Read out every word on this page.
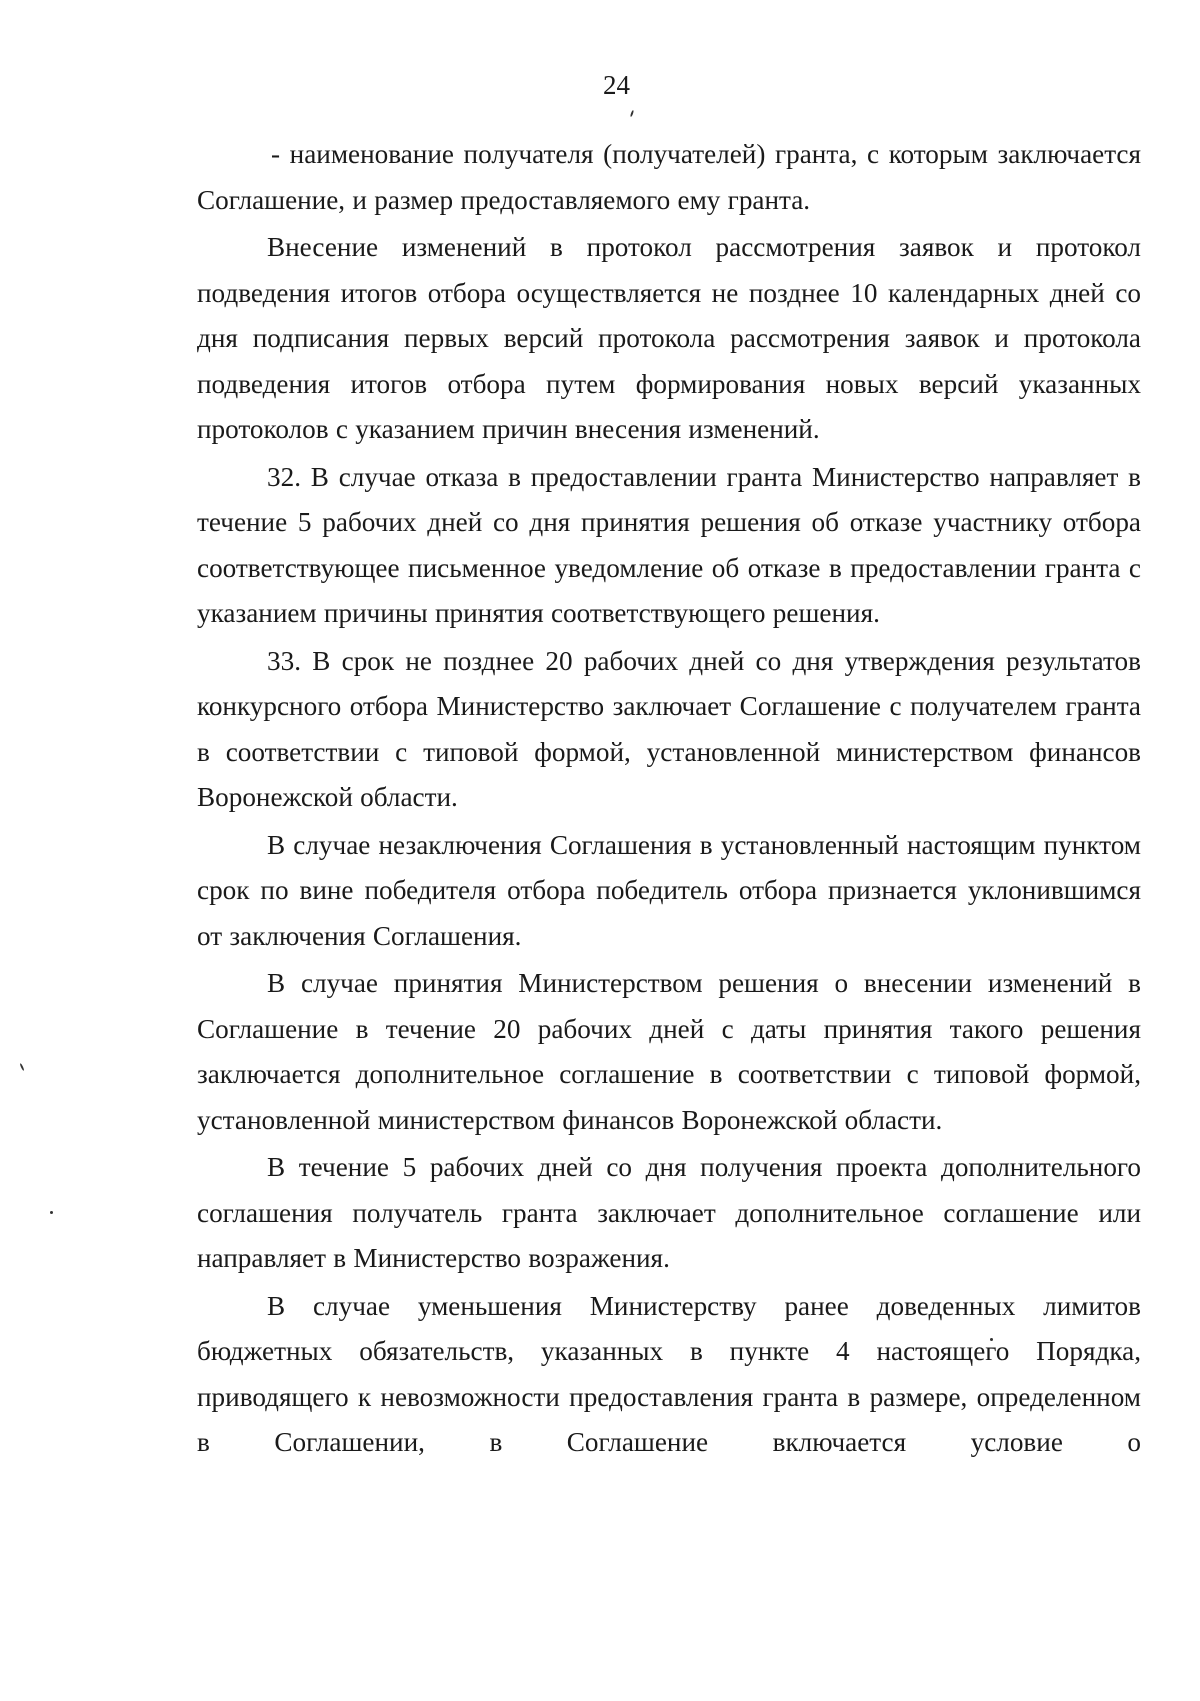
24

- наименование получателя (получателей) гранта, с которым заключается Соглашение, и размер предоставляемого ему гранта.

Внесение изменений в протокол рассмотрения заявок и протокол подведения итогов отбора осуществляется не позднее 10 календарных дней со дня подписания первых версий протокола рассмотрения заявок и протокола подведения итогов отбора путем формирования новых версий указанных протоколов с указанием причин внесения изменений.

32. В случае отказа в предоставлении гранта Министерство направляет в течение 5 рабочих дней со дня принятия решения об отказе участнику отбора соответствующее письменное уведомление об отказе в предоставлении гранта с указанием причины принятия соответствующего решения.

33. В срок не позднее 20 рабочих дней со дня утверждения результатов конкурсного отбора Министерство заключает Соглашение с получателем гранта в соответствии с типовой формой, установленной министерством финансов Воронежской области.

В случае незаключения Соглашения в установленный настоящим пунктом срок по вине победителя отбора победитель отбора признается уклонившимся от заключения Соглашения.

В случае принятия Министерством решения о внесении изменений в Соглашение в течение 20 рабочих дней с даты принятия такого решения заключается дополнительное соглашение в соответствии с типовой формой, установленной министерством финансов Воронежской области.

В течение 5 рабочих дней со дня получения проекта дополнительного соглашения получатель гранта заключает дополнительное соглашение или направляет в Министерство возражения.

В случае уменьшения Министерству ранее доведенных лимитов бюджетных обязательств, указанных в пункте 4 настоящего Порядка, приводящего к невозможности предоставления гранта в размере, определенном в Соглашении, в Соглашение включается условие о
